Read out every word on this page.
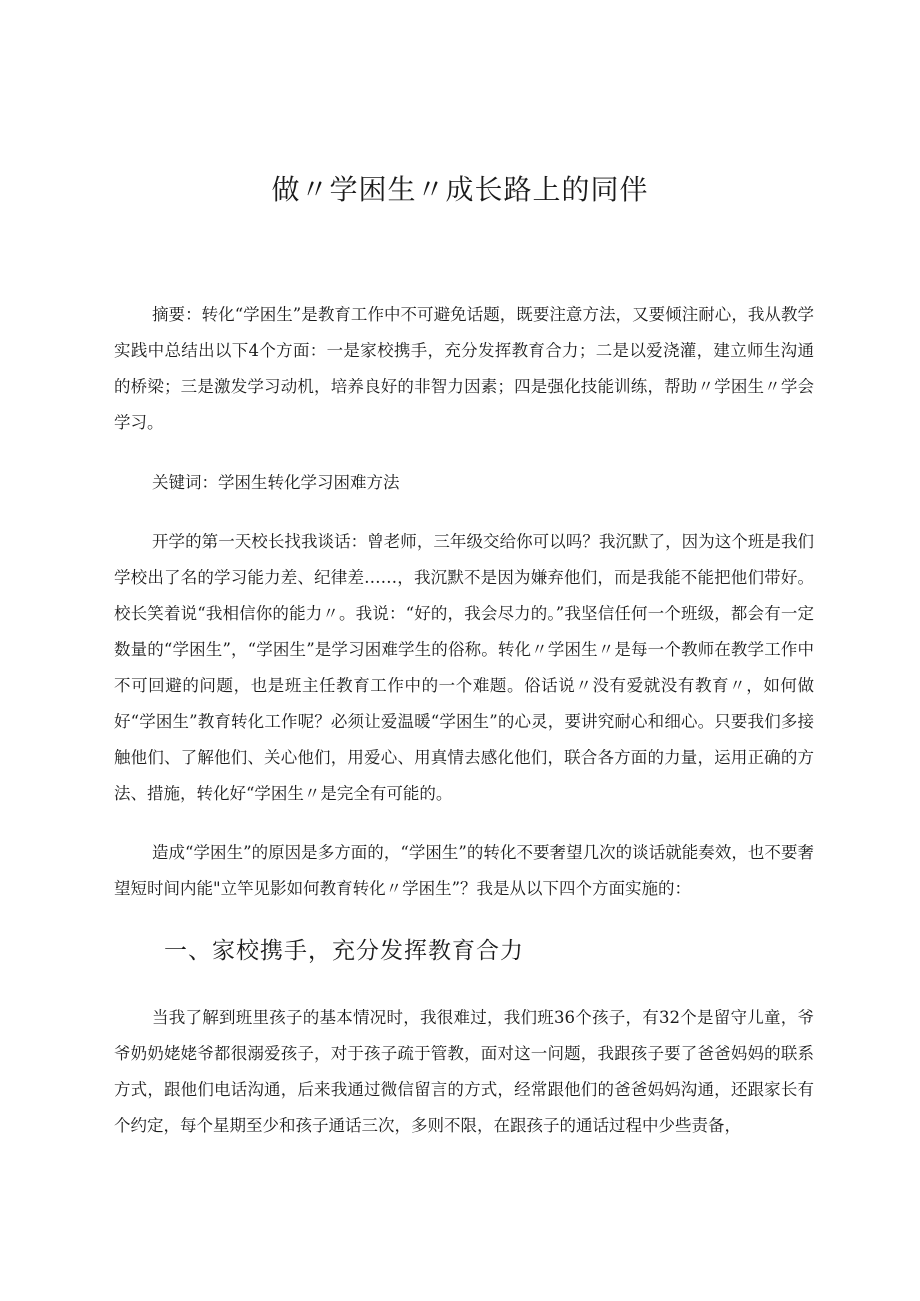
做〃学困生〃成长路上的同伴

摘要：转化“学困生”是教育工作中不可避免话题，既要注意方法，又要倾注耐心，我从教学实践中总结出以下4个方面：一是家校携手，充分发挥教育合力；二是以爱浇灌，建立师生沟通的桥梁；三是激发学习动机，培养良好的非智力因素；四是强化技能训练，帮助〃学困生〃学会学习。

关键词：学困生转化学习困难方法

开学的第一天校长找我谈话：曾老师，三年级交给你可以吗？我沉默了，因为这个班是我们学校出了名的学习能力差、纪律差……，我沉默不是因为嫌弃他们，而是我能不能把他们带好。校长笑着说“我相信你的能力〃。我说：“好的，我会尽力的。”我坚信任何一个班级，都会有一定数量的“学困生”，“学困生”是学习困难学生的俗称。转化〃学困生〃是每一个教师在教学工作中不可回避的问题，也是班主任教育工作中的一个难题。俗话说〃没有爱就没有教育〃，如何做好“学困生”教育转化工作呢？必须让爱温暖“学困生”的心灵，要讲究耐心和细心。只要我们多接触他们、了解他们、关心他们，用爱心、用真情去感化他们，联合各方面的力量，运用正确的方法、措施，转化好“学困生〃是完全有可能的。

造成“学困生”的原因是多方面的，“学困生”的转化不要奢望几次的谈话就能奏效，也不要奢望短时间内能"立竿见影如何教育转化〃学困生”？我是从以下四个方面实施的：

一、家校携手，充分发挥教育合力

当我了解到班里孩子的基本情况时，我很难过，我们班36个孩子，有32个是留守儿童，爷爷奶奶姥姥爷都很溺爱孩子，对于孩子疏于管教，面对这一问题，我跟孩子要了爸爸妈妈的联系方式，跟他们电话沟通，后来我通过微信留言的方式，经常跟他们的爸爸妈妈沟通，还跟家长有个约定，每个星期至少和孩子通话三次，多则不限，在跟孩子的通话过程中少些责备，
